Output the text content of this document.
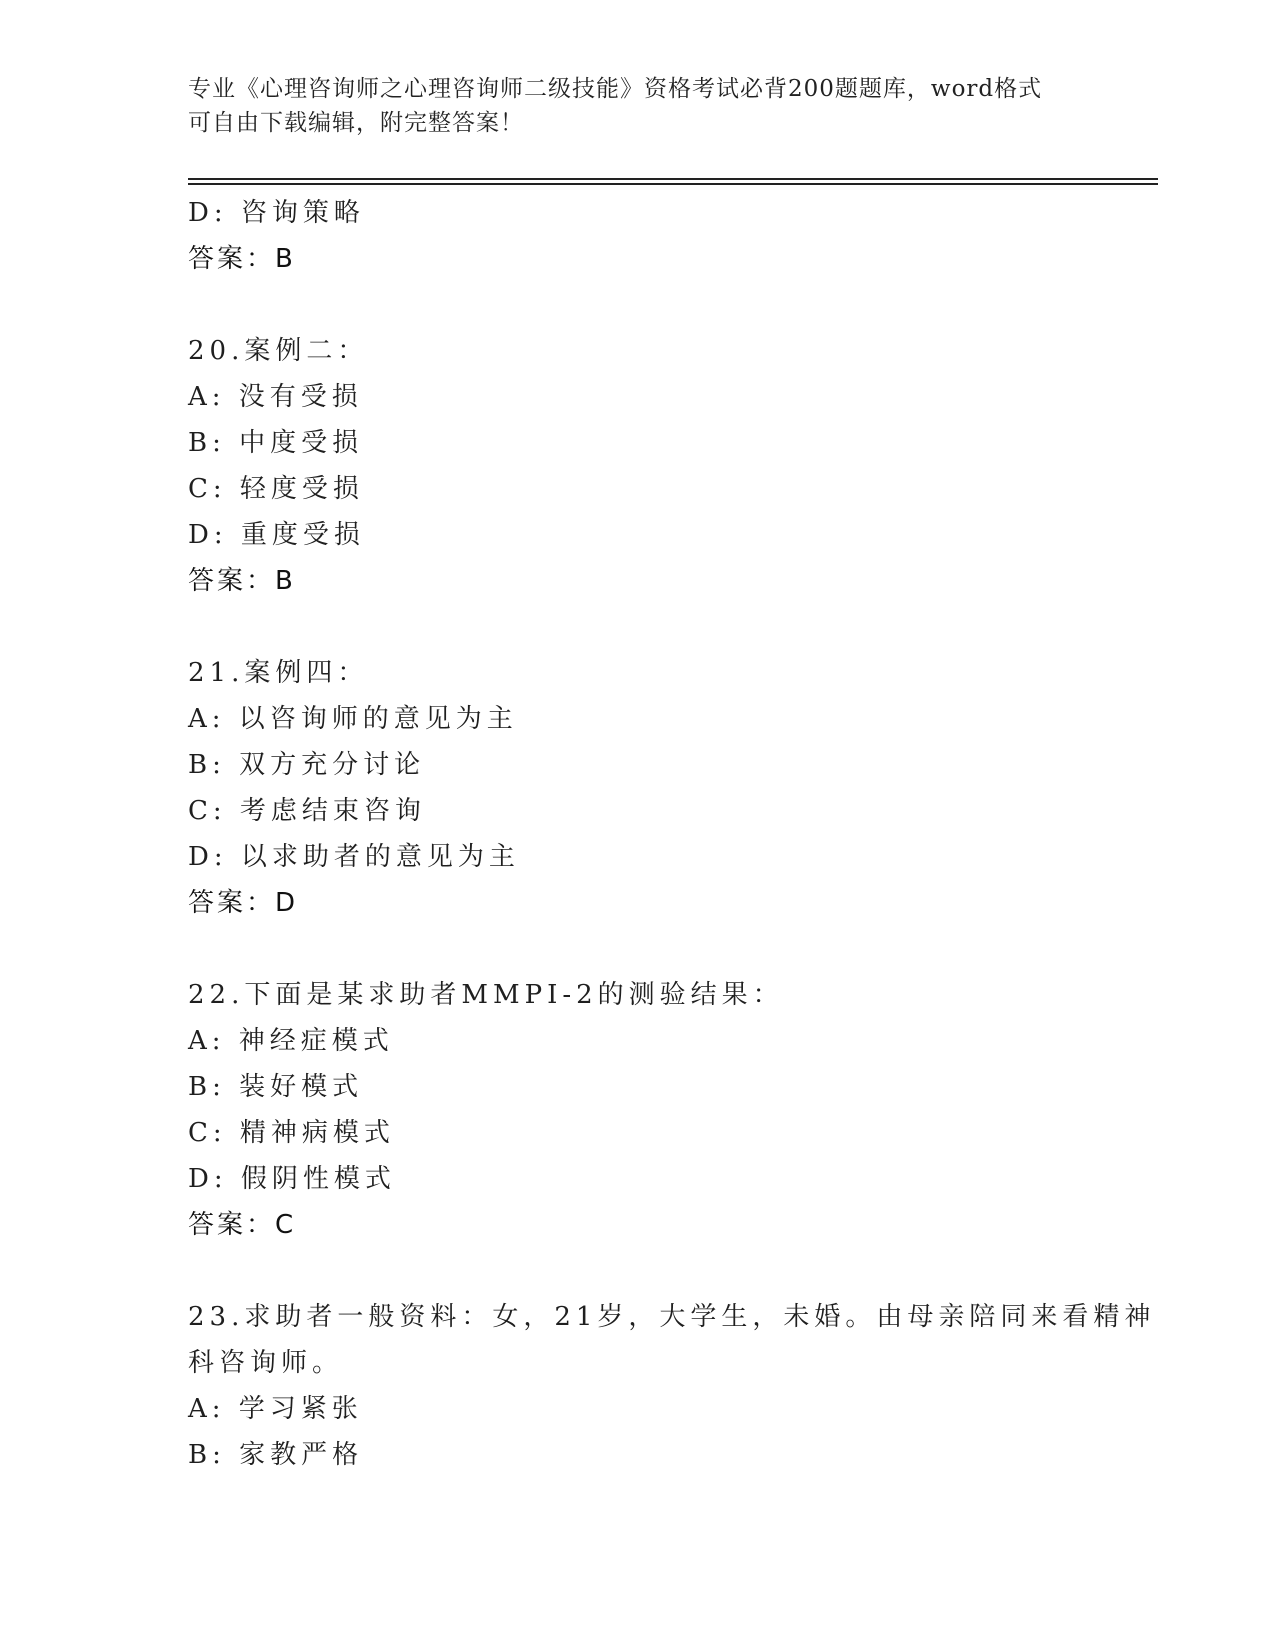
专业《心理咨询师之心理咨询师二级技能》资格考试必背200题题库，word格式
可自由下载编辑，附完整答案！
D: 咨询策略
答案：B
20.案例二：
A: 没有受损
B: 中度受损
C: 轻度受损
D: 重度受损
答案：B
21.案例四：
A: 以咨询师的意见为主
B: 双方充分讨论
C: 考虑结束咨询
D: 以求助者的意见为主
答案：D
22.下面是某求助者MMPI-2的测验结果：
A: 神经症模式
B: 装好模式
C: 精神病模式
D: 假阴性模式
答案：C
23.求助者一般资料：女，21岁，大学生，未婚。由母亲陪同来看精神
科咨询师。
A: 学习紧张
B: 家教严格
